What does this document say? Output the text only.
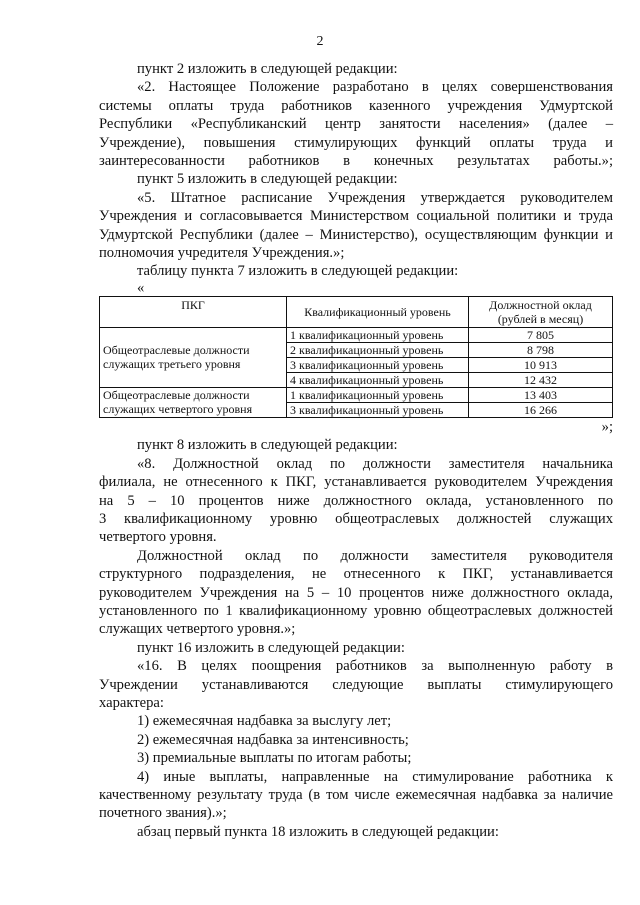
2

пункт 2 изложить в следующей редакции:

«2. Настоящее Положение разработано в целях совершенствования

системы оплаты труда работников казенного учреждения Удмуртской

Республики «Республиканский центр занятости населения» (далее –

Учреждение), повышения стимулирующих функций оплаты труда и

заинтересованности работников в конечных результатах работы.»;

пункт 5 изложить в следующей редакции:

«5. Штатное расписание Учреждения утверждается руководителем

Учреждения и согласовывается Министерством социальной политики и труда

Удмуртской Республики (далее – Министерство), осуществляющим функции и

полномочия учредителя Учреждения.»;

таблицу пункта 7 изложить в следующей редакции:

«

ПКГ	Квалификационный уровень	Должностной оклад (рублей в месяц)
Общеотраслевые должности служащих третьего уровня	1 квалификационный уровень	7 805
	2 квалификационный уровень	8 798
	3 квалификационный уровень	10 913
	4 квалификационный уровень	12 432
Общеотраслевые должности служащих четвертого уровня	1 квалификационный уровень	13 403
	3 квалификационный уровень	16 266

»;

пункт 8 изложить в следующей редакции:

«8. Должностной оклад по должности заместителя начальника

филиала, не отнесенного к ПКГ, устанавливается руководителем Учреждения

на 5 – 10 процентов ниже должностного оклада, установленного по

3 квалификационному уровню общеотраслевых должностей служащих

четвертого уровня.

Должностной оклад по должности заместителя руководителя

структурного подразделения, не отнесенного к ПКГ, устанавливается

руководителем Учреждения на 5 – 10 процентов ниже должностного оклада,

установленного по 1 квалификационному уровню общеотраслевых должностей

служащих четвертого уровня.»;

пункт 16 изложить в следующей редакции:

«16. В целях поощрения работников за выполненную работу в

Учреждении устанавливаются следующие выплаты стимулирующего

характера:

1) ежемесячная надбавка за выслугу лет;

2) ежемесячная надбавка за интенсивность;

3) премиальные выплаты по итогам работы;

4) иные выплаты, направленные на стимулирование работника к

качественному результату труда (в том числе ежемесячная надбавка за наличие

почетного звания).»;

абзац первый пункта 18 изложить в следующей редакции:
